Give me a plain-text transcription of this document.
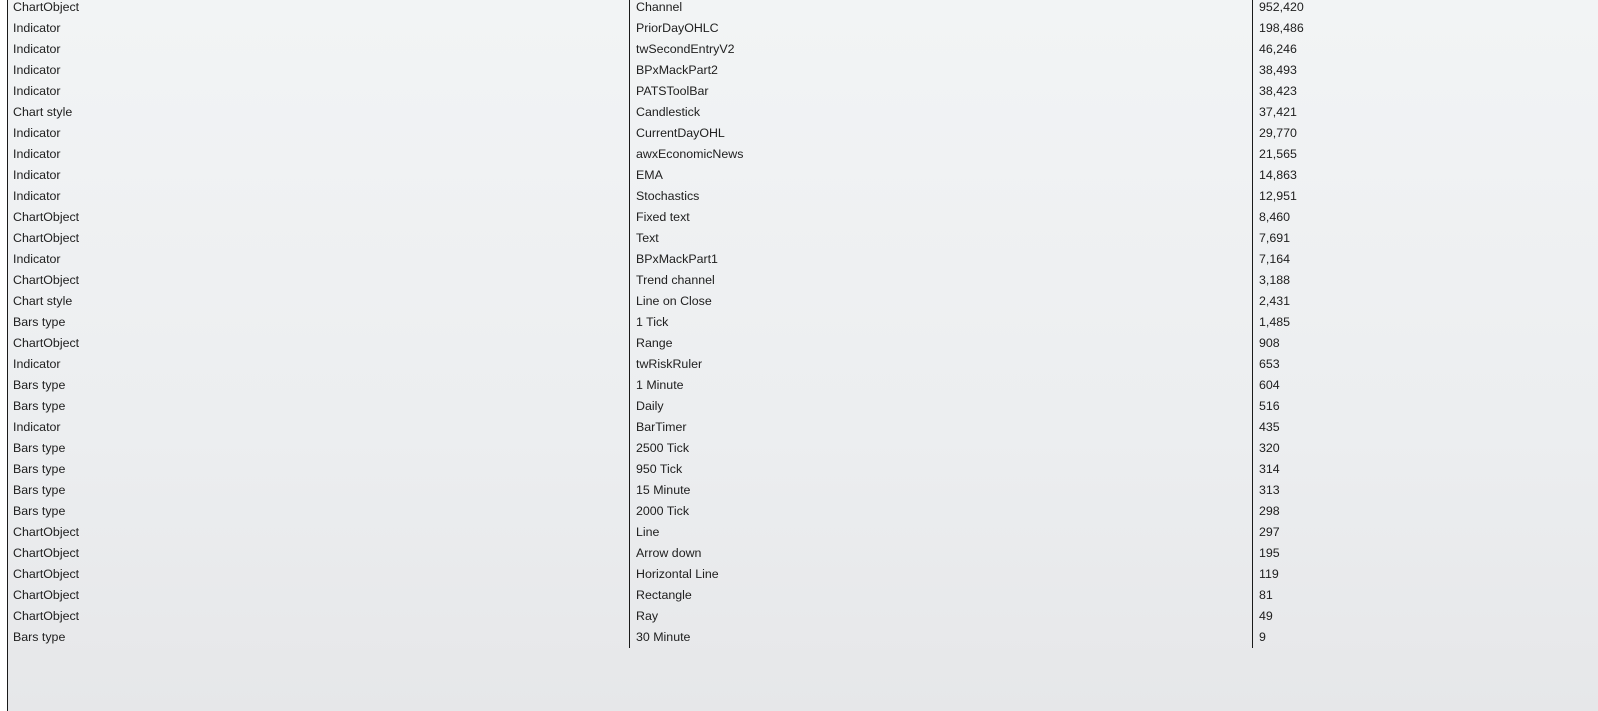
ChartObject	Channel	952,420
Indicator	PriorDayOHLC	198,486
Indicator	twSecondEntryV2	46,246
Indicator	BPxMackPart2	38,493
Indicator	PATSToolBar	38,423
Chart style	Candlestick	37,421
Indicator	CurrentDayOHL	29,770
Indicator	awxEconomicNews	21,565
Indicator	EMA	14,863
Indicator	Stochastics	12,951
ChartObject	Fixed text	8,460
ChartObject	Text	7,691
Indicator	BPxMackPart1	7,164
ChartObject	Trend channel	3,188
Chart style	Line on Close	2,431
Bars type	1 Tick	1,485
ChartObject	Range	908
Indicator	twRiskRuler	653
Bars type	1 Minute	604
Bars type	Daily	516
Indicator	BarTimer	435
Bars type	2500 Tick	320
Bars type	950 Tick	314
Bars type	15 Minute	313
Bars type	2000 Tick	298
ChartObject	Line	297
ChartObject	Arrow down	195
ChartObject	Horizontal Line	119
ChartObject	Rectangle	81
ChartObject	Ray	49
Bars type	30 Minute	9
